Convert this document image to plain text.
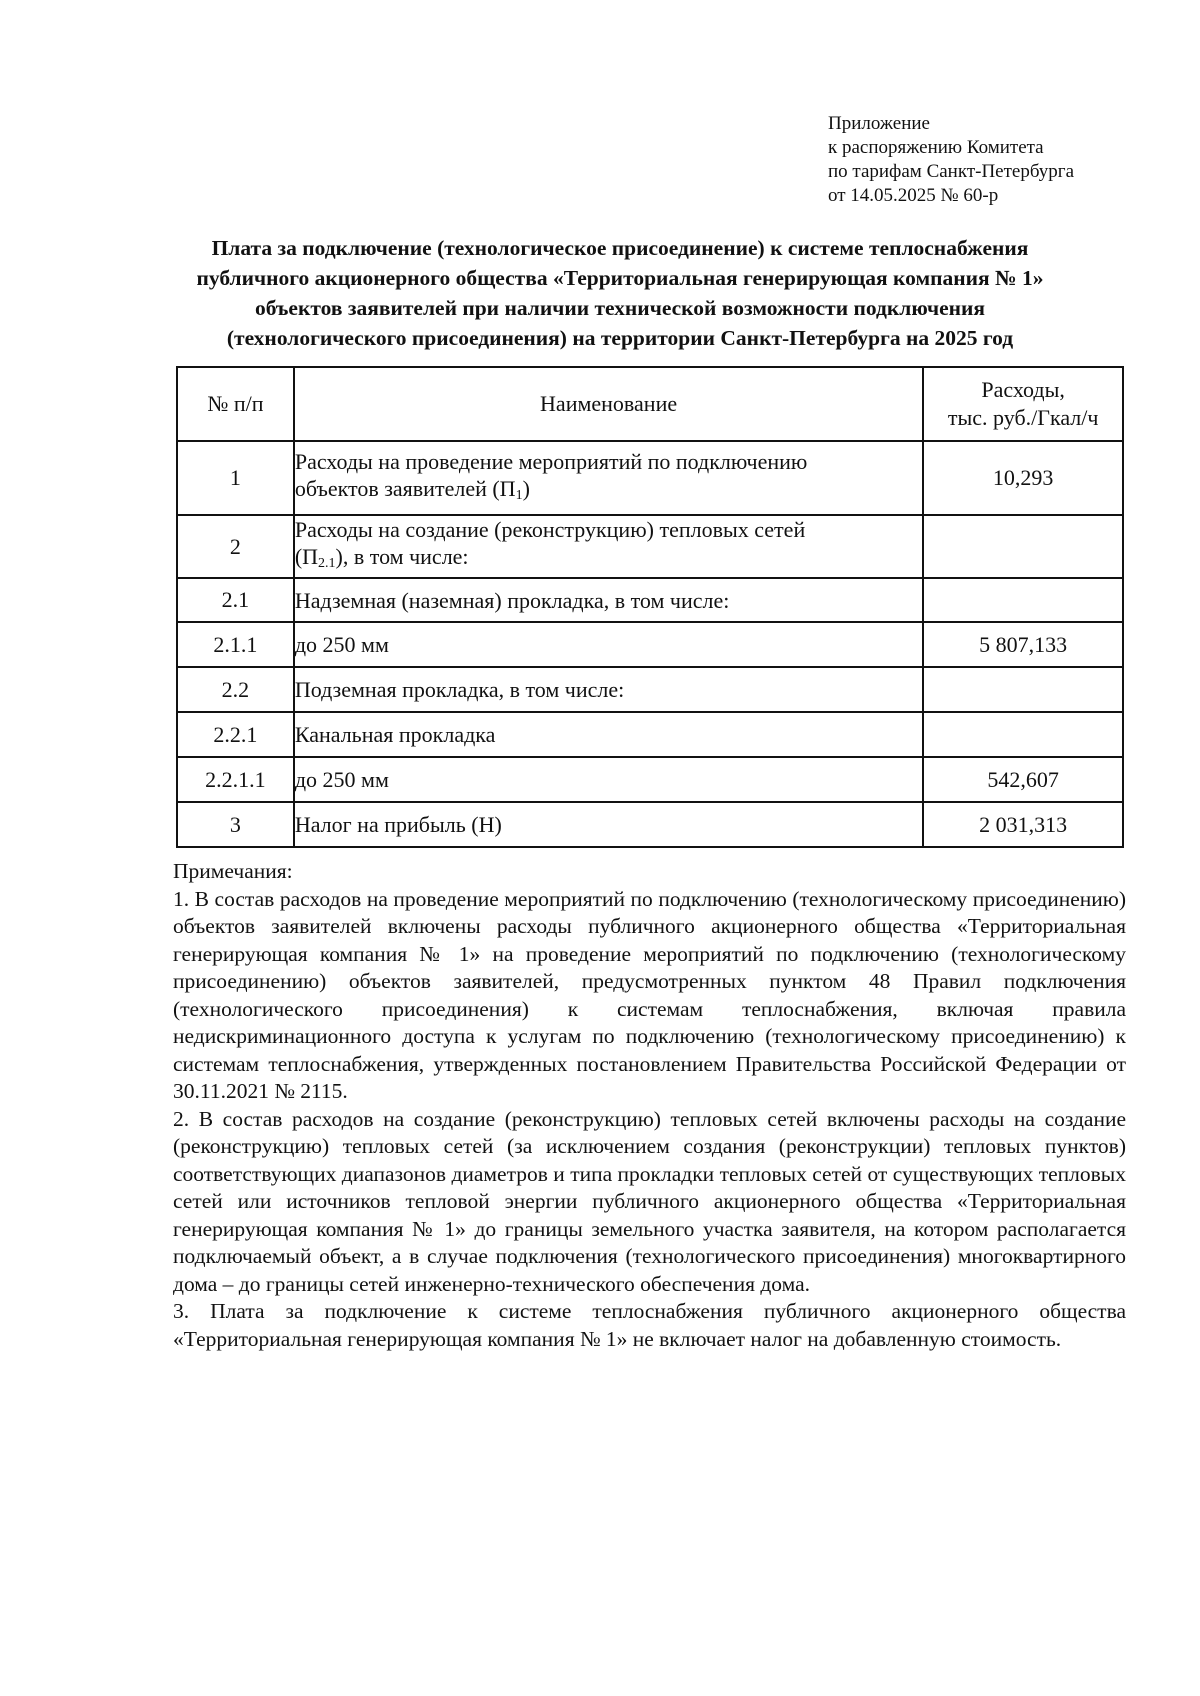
Приложение
к распоряжению Комитета
по тарифам Санкт-Петербурга
от 14.05.2025 № 60-р
Плата за подключение (технологическое присоединение) к системе теплоснабжения
публичного акционерного общества «Территориальная генерирующая компания № 1»
объектов заявителей при наличии технической возможности подключения
(технологического присоединения) на территории Санкт-Петербурга на 2025 год
№ п/п	Наименование	Расходы,
тыс. руб./Гкал/ч

1	Расходы на проведение мероприятий по подключению
объектов заявителей $(П_1)$	10,293
2	Расходы на создание (реконструкцию) тепловых сетей
$(П_{2.1})$, в том числе:	

2.1	Надземная (наземная) прокладка, в том числе:	
2.1.1	до 250 мм	5 807,133
2.2	Подземная прокладка, в том числе:	
2.2.1	Канальная прокладка	
2.2.1.1	до 250 мм	542,607
3	Налог на прибыль (Н)	2 031,313
Примечания:

1. В состав расходов на проведение мероприятий по подключению (технологическому присоединению) объектов заявителей включены расходы публичного акционерного общества «Территориальная генерирующая компания № 1» на проведение мероприятий по подключению (технологическому присоединению) объектов заявителей, предусмотренных пунктом 48 Правил подключения (технологического присоединения) к системам теплоснабжения, включая правила недискриминационного доступа к услугам по подключению (технологическому присоединению) к системам теплоснабжения, утвержденных постановлением Правительства Российской Федерации от 30.11.2021 № 2115.

2. В состав расходов на создание (реконструкцию) тепловых сетей включены расходы на создание (реконструкцию) тепловых сетей (за исключением создания (реконструкции) тепловых пунктов) соответствующих диапазонов диаметров и типа прокладки тепловых сетей от существующих тепловых сетей или источников тепловой энергии публичного акционерного общества «Территориальная генерирующая компания № 1» до границы земельного участка заявителя, на котором располагается подключаемый объект, а в случае подключения (технологического присоединения) многоквартирного дома – до границы сетей инженерно-технического обеспечения дома.

3. Плата за подключение к системе теплоснабжения публичного акционерного общества «Территориальная генерирующая компания № 1» не включает налог на добавленную стоимость.
